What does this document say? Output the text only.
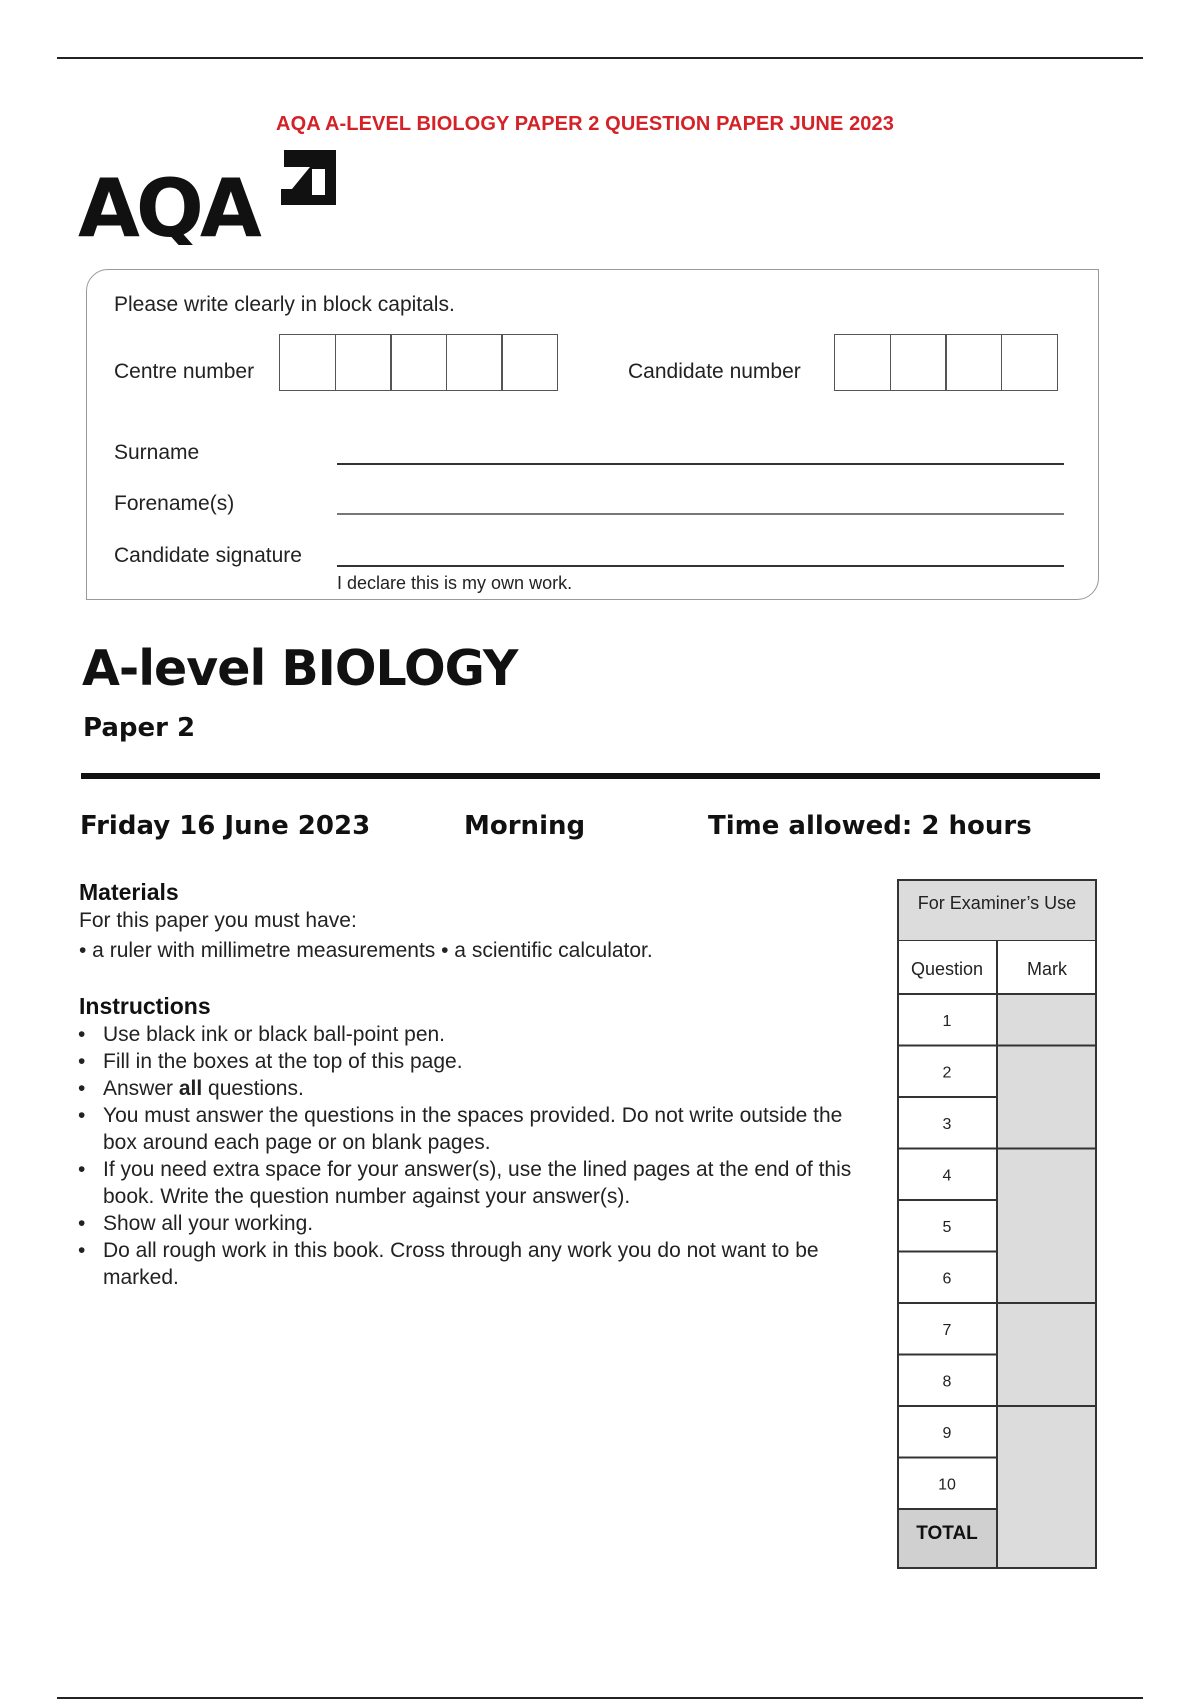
AQA A-LEVEL BIOLOGY PAPER 2 QUESTION PAPER JUNE 2023
AQA
Please write clearly in block capitals.
Centre number	Candidate number
Surname
Forename(s)
Candidate signature
I declare this is my own work.
A-level BIOLOGY
Paper 2
Friday 16 June 2023	Morning	Time allowed: 2 hours
Materials
For this paper you must have:
• a ruler with millimetre measurements • a scientific calculator.
Instructions
• Use black ink or black ball-point pen.
• Fill in the boxes at the top of this page.
• Answer all questions.
• You must answer the questions in the spaces provided. Do not write outside the box around each page or on blank pages.
• If you need extra space for your answer(s), use the lined pages at the end of this book. Write the question number against your answer(s).
• Show all your working.
• Do all rough work in this book. Cross through any work you do not want to be marked.
For Examiner’s Use
Question Mark
1
2
3
4
5
6
7
8
9
10
TOTAL
